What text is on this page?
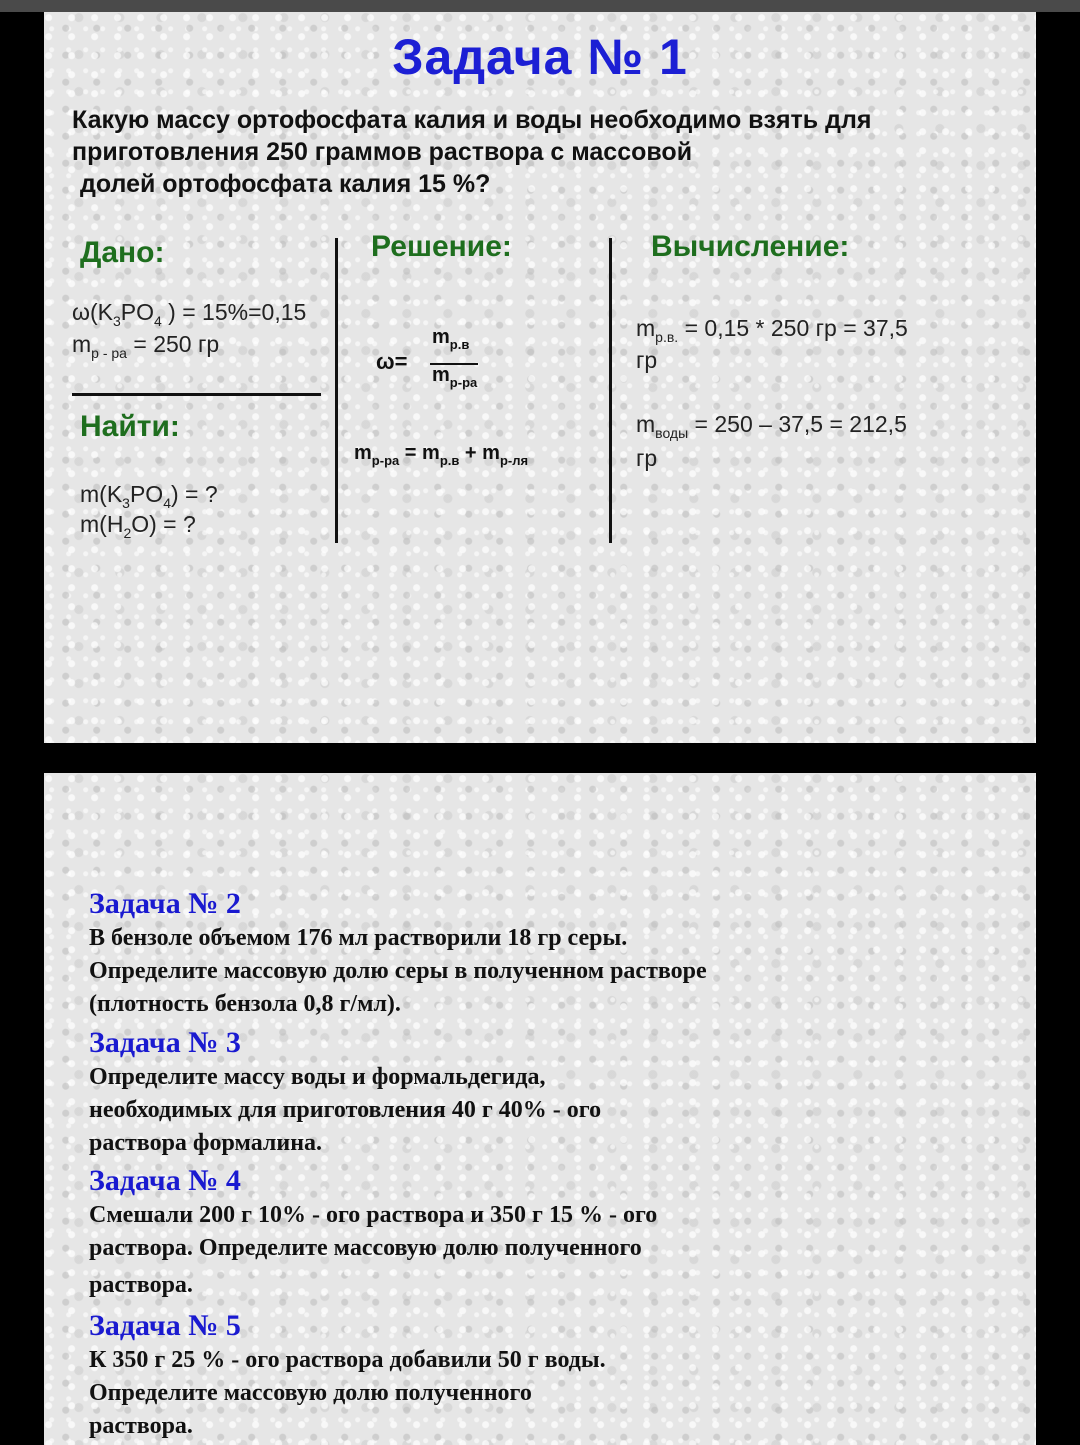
Задача № 1
Какую массу ортофосфата калия и воды необходимо взять для
приготовления 250 граммов раствора с массовой
долей ортофосфата калия 15 %?
Дано:
$\omega(K_3PO_4$ ) = 15%=0,15
$m_{р - ра} = 250$ гр
Найти:
$m(K_3PO_4)$ = ?
$m(H_2O)$ = ?
Решение:
ω=
$m_{р.в}$
$m_{р-ра}$
$m_{р-ра} = m_{р.в} + m_{р-ля}$
Вычисление:
$m_{р.в.} = 0,15 * 250$ гр = 37,5
гр
$m_{воды} = 250 - 37,5 = 212,5$
гр
Задача № 2
В бензоле объемом 176 мл растворили 18 гр серы.
Определите массовую долю серы в полученном растворе
(плотность бензола 0,8 г/мл).
Задача № 3
Определите массу воды и формальдегида,
необходимых для приготовления 40 г 40% - ого
раствора формалина.
Задача № 4
Смешали 200 г 10% - ого раствора и 350 г 15 % - ого
раствора. Определите массовую долю полученного
раствора.
Задача № 5
К 350 г 25 % - ого раствора добавили 50 г воды.
Определите массовую долю полученного
раствора.
